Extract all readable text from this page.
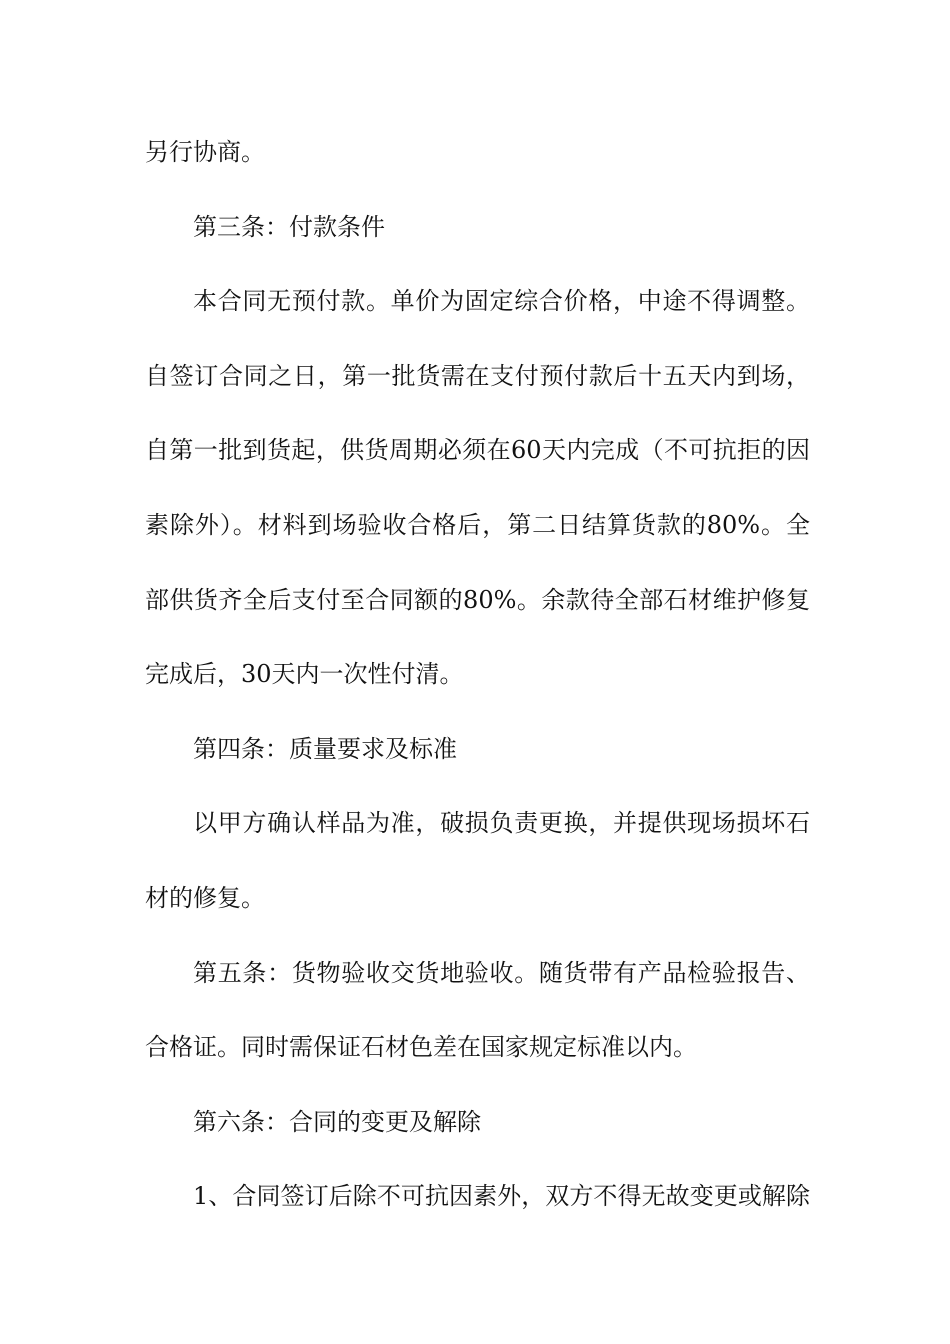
另行协商。
第三条：付款条件
本合同无预付款。单价为固定综合价格，中途不得调整。
自签订合同之日，第一批货需在支付预付款后十五天内到场，
自第一批到货起，供货周期必须在60天内完成（不可抗拒的因
素除外）。材料到场验收合格后，第二日结算货款的80%。全
部供货齐全后支付至合同额的80%。余款待全部石材维护修复
完成后，30天内一次性付清。
第四条：质量要求及标准
以甲方确认样品为准，破损负责更换，并提供现场损坏石
材的修复。
第五条：货物验收交货地验收。随货带有产品检验报告、
合格证。同时需保证石材色差在国家规定标准以内。
第六条：合同的变更及解除
1、合同签订后除不可抗因素外，双方不得无故变更或解除
